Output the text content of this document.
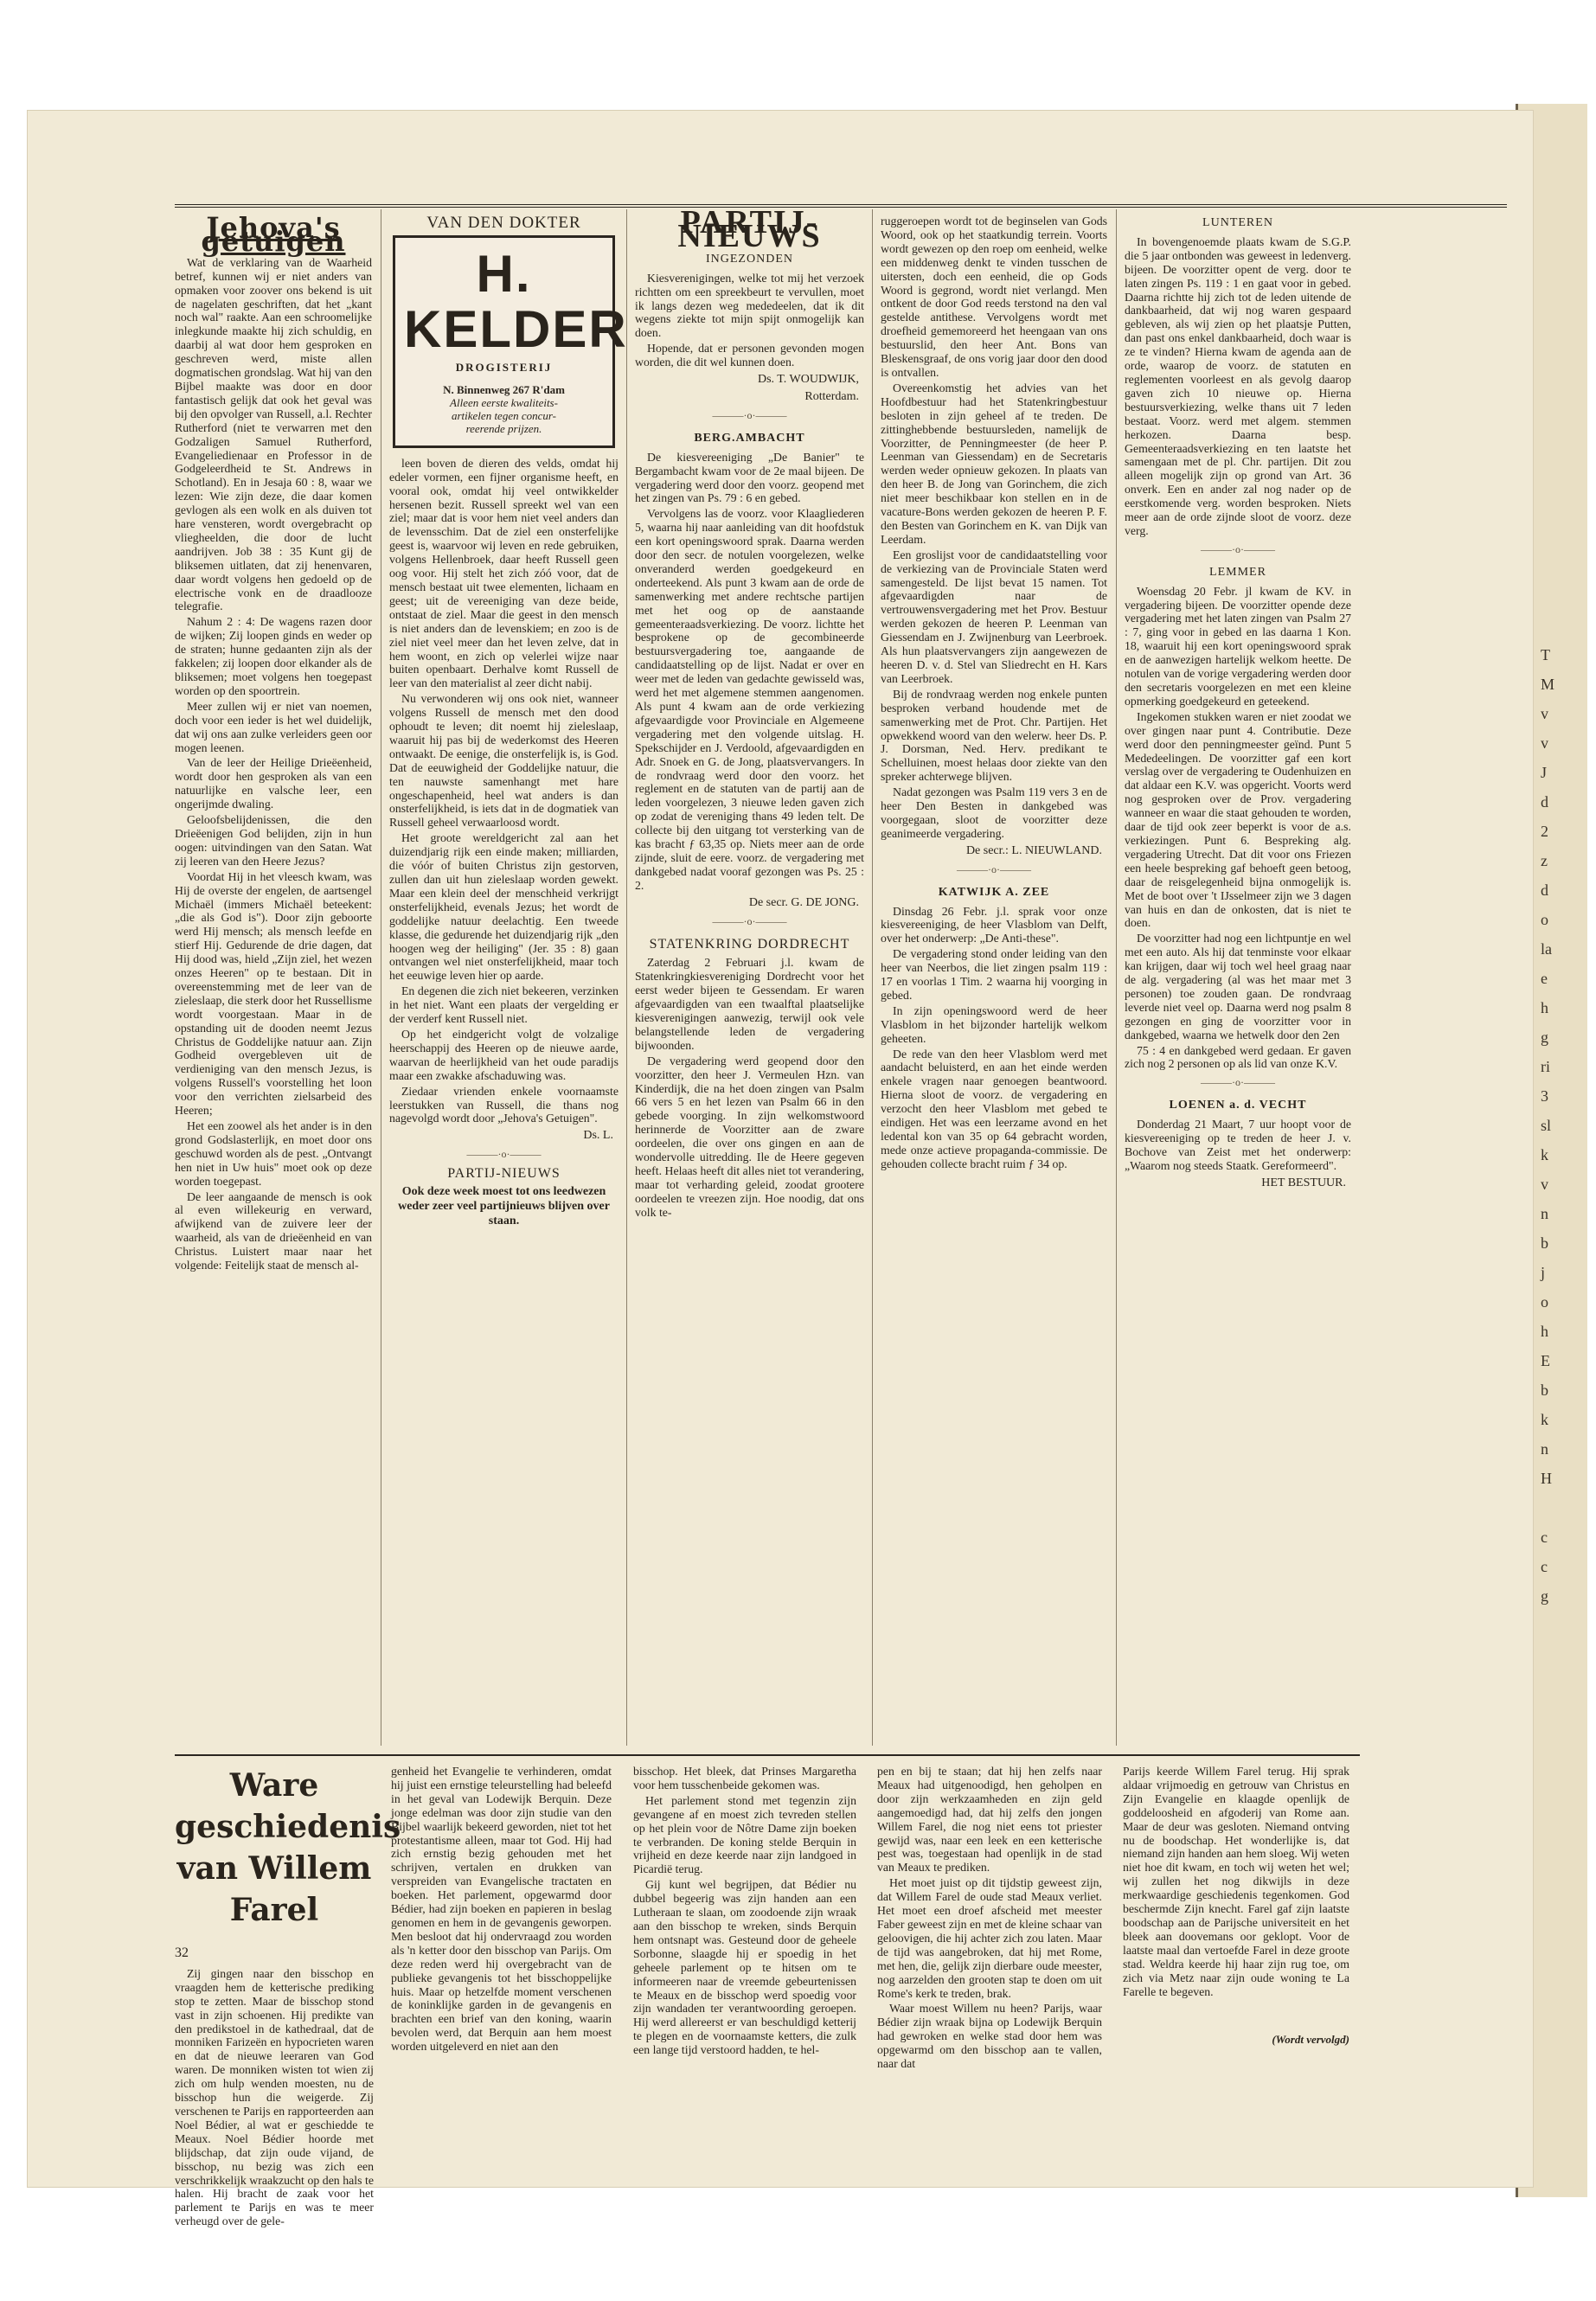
T
M
v
v
J
d
2
z
d
o
la
e
h
g
ri
3
sl
k
v
n
b
j
o
h
E
b
k
n
H

c
c
g
Jehova's getuigen

Wat de verklaring van de Waarheid betref, kunnen wij er niet anders van opmaken voor zoover ons bekend is uit de nagelaten geschriften, dat het „kant noch wal" raakte. Aan een schroomelijke inlegkunde maakte hij zich schuldig, en daarbij al wat door hem gesproken en geschreven werd, miste allen dogmatischen grondslag. Wat hij van den Bijbel maakte was door en door fantastisch gelijk dat ook het geval was bij den opvolger van Russell, a.l. Rechter Rutherford (niet te verwarren met den Godzaligen Samuel Rutherford, Evangeliedienaar en Professor in de Godgeleerdheid te St. Andrews in Schotland). En in Jesaja 60 : 8, waar we lezen: Wie zijn deze, die daar komen gevlogen als een wolk en als duiven tot hare vensteren, wordt overgebracht op vliegheelden, die door de lucht aandrijven. Job 38 : 35 Kunt gij de bliksemen uitlaten, dat zij henenvaren, daar wordt volgens hen gedoeld op de electrische vonk en de draadlooze telegrafie.

Nahum 2 : 4: De wagens razen door de wijken; Zij loopen ginds en weder op de straten; hunne gedaanten zijn als der fakkelen; zij loopen door elkander als de bliksemen; moet volgens hen toegepast worden op den spoortrein.

Meer zullen wij er niet van noemen, doch voor een ieder is het wel duidelijk, dat wij ons aan zulke verleiders geen oor mogen leenen.

Van de leer der Heilige Drieëenheid, wordt door hen gesproken als van een natuurlijke en valsche leer, een ongerijmde dwaling.

Geloofsbelijdenissen, die den Drieëenigen God belijden, zijn in hun oogen: uitvindingen van den Satan. Wat zij leeren van den Heere Jezus?

Voordat Hij in het vleesch kwam, was Hij de overste der engelen, de aartsengel Michaël (immers Michaël beteekent: „die als God is"). Door zijn geboorte werd Hij mensch; als mensch leefde en stierf Hij. Gedurende de drie dagen, dat Hij dood was, hield „Zijn ziel, het wezen onzes Heeren" op te bestaan. Dit in overeenstemming met de leer van de zieleslaap, die sterk door het Russellisme wordt voorgestaan. Maar in de opstanding uit de dooden neemt Jezus Christus de Goddelijke natuur aan. Zijn Godheid overgebleven uit de verdieniging van den mensch Jezus, is volgens Russell's voorstelling het loon voor den verrichten zielsarbeid des Heeren;

Het een zoowel als het ander is in den grond Godslasterlijk, en moet door ons geschuwd worden als de pest. „Ontvangt hen niet in Uw huis" moet ook op deze worden toegepast.

De leer aangaande de mensch is ook al even willekeurig en verward, afwijkend van de zuivere leer der waarheid, als van de drieëenheid en van Christus. Luistert maar naar het volgende: Feitelijk staat de mensch al-

VAN DEN DOKTER
H. KELDER
DROGISTERIJ
N. Binnenweg 267 R'dam
Alleen eerste kwaliteits-
artikelen tegen concur-
reerende prijzen.

leen boven de dieren des velds, omdat hij edeler vormen, een fijner organisme heeft, en vooral ook, omdat hij veel ontwikkelder hersenen bezit. Russell spreekt wel van een ziel; maar dat is voor hem niet veel anders dan de levensschim. Dat de ziel een onsterfelijke geest is, waarvoor wij leven en rede gebruiken, volgens Hellenbroek, daar heeft Russell geen oog voor. Hij stelt het zich zóó voor, dat de mensch bestaat uit twee elementen, lichaam en geest; uit de vereeniging van deze beide, ontstaat de ziel. Maar die geest in den mensch is niet anders dan de levenskiem; en zoo is de ziel niet veel meer dan het leven zelve, dat in hem woont, en zich op velerlei wijze naar buiten openbaart. Derhalve komt Russell de leer van den materialist al zeer dicht nabij.

Nu verwonderen wij ons ook niet, wanneer volgens Russell de mensch met den dood ophoudt te leven; dit noemt hij zieleslaap, waaruit hij pas bij de wederkomst des Heeren ontwaakt. De eenige, die onsterfelijk is, is God. Dat de eeuwigheid der Goddelijke natuur, die ten nauwste samenhangt met hare ongeschapenheid, heel wat anders is dan onsterfelijkheid, is iets dat in de dogmatiek van Russell geheel verwaarloosd wordt.

Het groote wereldgericht zal aan het duizendjarig rijk een einde maken; milliarden, die vóór of buiten Christus zijn gestorven, zullen dan uit hun zieleslaap worden gewekt. Maar een klein deel der menschheid verkrijgt onsterfelijkheid, evenals Jezus; het wordt de goddelijke natuur deelachtig. Een tweede klasse, die gedurende het duizendjarig rijk „den hoogen weg der heiliging" (Jer. 35 : 8) gaan ontvangen wel niet onsterfelijkheid, maar toch het eeuwige leven hier op aarde.

En degenen die zich niet bekeeren, verzinken in het niet. Want een plaats der vergelding er der verderf kent Russell niet.

Op het eindgericht volgt de volzalige heerschappij des Heeren op de nieuwe aarde, waarvan de heerlijkheid van het oude paradijs maar een zwakke afschaduwing was.

Ziedaar vrienden enkele voornaamste leerstukken van Russell, die thans nog nagevolgd wordt door „Jehova's Getuigen".

Ds. L.
———·o·———
PARTIJ-NIEUWS
Ook deze week moest tot ons leedwezen weder zeer veel partijnieuws blijven over staan.
PARTIJ-NIEUWS
INGEZONDEN

Kiesverenigingen, welke tot mij het verzoek richtten om een spreekbeurt te vervullen, moet ik langs dezen weg mededeelen, dat ik dit wegens ziekte tot mijn spijt onmogelijk kan doen.

Hopende, dat er personen gevonden mogen worden, die dit wel kunnen doen.

Ds. T. WOUDWIJK,
Rotterdam.
———·o·———
BERG.AMBACHT

De kiesvereeniging „De Banier" te Bergambacht kwam voor de 2e maal bijeen. De vergadering werd door den voorz. geopend met het zingen van Ps. 79 : 6 en gebed.

Vervolgens las de voorz. voor Klaagliederen 5, waarna hij naar aanleiding van dit hoofdstuk een kort openingswoord sprak. Daarna werden door den secr. de notulen voorgelezen, welke onveranderd werden goedgekeurd en onderteekend. Als punt 3 kwam aan de orde de samenwerking met andere rechtsche partijen met het oog op de aanstaande gemeenteraadsverkiezing. De voorz. lichtte het besprokene op de gecombineerde bestuursvergadering toe, aangaande de candidaatstelling op de lijst. Nadat er over en weer met de leden van gedachte gewisseld was, werd het met algemene stemmen aangenomen. Als punt 4 kwam aan de orde verkiezing afgevaardigde voor Provinciale en Algemeene vergadering met den volgende uitslag. H. Spekschijder en J. Verdoold, afgevaardigden en Adr. Snoek en G. de Jong, plaatsvervangers. In de rondvraag werd door den voorz. het reglement en de statuten van de partij aan de leden voorgelezen, 3 nieuwe leden gaven zich op zodat de vereniging thans 49 leden telt. De collecte bij den uitgang tot versterking van de kas bracht ƒ 63,35 op. Niets meer aan de orde zijnde, sluit de eere. voorz. de vergadering met dankgebed nadat vooraf gezongen was Ps. 25 : 2.

De secr. G. DE JONG.
———·o·———
STATENKRING DORDRECHT

Zaterdag 2 Februari j.l. kwam de Statenkringkiesvereniging Dordrecht voor het eerst weder bijeen te Gessendam. Er waren afgevaardigden van een twaalftal plaatselijke kiesverenigingen aanwezig, terwijl ook vele belangstellende leden de vergadering bijwoonden.

De vergadering werd geopend door den voorzitter, den heer J. Vermeulen Hzn. van Kinderdijk, die na het doen zingen van Psalm 66 vers 5 en het lezen van Psalm 66 in den gebede voorging. In zijn welkomstwoord herinnerde de Voorzitter aan de zware oordeelen, die over ons gingen en aan de wondervolle uitredding. Ile de Heere gegeven heeft. Helaas heeft dit alles niet tot verandering, maar tot verharding geleid, zoodat grootere oordeelen te vreezen zijn. Hoe noodig, dat ons volk te-

ruggeroepen wordt tot de beginselen van Gods Woord, ook op het staatkundig terrein. Voorts wordt gewezen op den roep om eenheid, welke een middenweg denkt te vinden tusschen de uitersten, doch een eenheid, die op Gods Woord is gegrond, wordt niet verlangd. Men ontkent de door God reeds terstond na den val gestelde antithese. Vervolgens wordt met droefheid gememoreerd het heengaan van ons bestuurslid, den heer Ant. Bons van Bleskensgraaf, de ons vorig jaar door den dood is ontvallen.

Overeenkomstig het advies van het Hoofdbestuur had het Statenkringbestuur besloten in zijn geheel af te treden. De zittinghebbende bestuursleden, namelijk de Voorzitter, de Penningmeester (de heer P. Leenman van Giessendam) en de Secretaris werden weder opnieuw gekozen. In plaats van den heer B. de Jong van Gorinchem, die zich niet meer beschikbaar kon stellen en in de vacature-Bons werden gekozen de heeren P. F. den Besten van Gorinchem en K. van Dijk van Leerdam.

Een groslijst voor de candidaatstelling voor de verkiezing van de Provinciale Staten werd samengesteld. De lijst bevat 15 namen. Tot afgevaardigden naar de vertrouwensvergadering met het Prov. Bestuur werden gekozen de heeren P. Leenman van Giessendam en J. Zwijnenburg van Leerbroek. Als hun plaatsvervangers zijn aangewezen de heeren D. v. d. Stel van Sliedrecht en H. Kars van Leerbroek.

Bij de rondvraag werden nog enkele punten besproken verband houdende met de samenwerking met de Prot. Chr. Partijen. Het opwekkend woord van den welerw. heer Ds. P. J. Dorsman, Ned. Herv. predikant te Schelluinen, moest helaas door ziekte van den spreker achterwege blijven.

Nadat gezongen was Psalm 119 vers 3 en de heer Den Besten in dankgebed was voorgegaan, sloot de voorzitter deze geanimeerde vergadering.

De secr.: L. NIEUWLAND.
———·o·———
KATWIJK A. ZEE

Dinsdag 26 Febr. j.l. sprak voor onze kiesvereeniging, de heer Vlasblom van Delft, over het onderwerp: „De Anti-these".

De vergadering stond onder leiding van den heer van Neerbos, die liet zingen psalm 119 : 17 en voorlas 1 Tim. 2 waarna hij voorging in gebed.

In zijn openingswoord werd de heer Vlasblom in het bijzonder hartelijk welkom geheeten.

De rede van den heer Vlasblom werd met aandacht beluisterd, en aan het einde werden enkele vragen naar genoegen beantwoord. Hierna sloot de voorz. de vergadering en verzocht den heer Vlasblom met gebed te eindigen. Het was een leerzame avond en het ledental kon van 35 op 64 gebracht worden, mede onze actieve propaganda-commissie. De gehouden collecte bracht ruim ƒ 34 op.

LUNTEREN

In bovengenoemde plaats kwam de S.G.P. die 5 jaar ontbonden was geweest in ledenverg. bijeen. De voorzitter opent de verg. door te laten zingen Ps. 119 : 1 en gaat voor in gebed. Daarna richtte hij zich tot de leden uitende de dankbaarheid, dat wij nog waren gespaard gebleven, als wij zien op het plaatsje Putten, dan past ons enkel dankbaarheid, doch waar is ze te vinden? Hierna kwam de agenda aan de orde, waarop de voorz. de statuten en reglementen voorleest en als gevolg daarop gaven zich 10 nieuwe op. Hierna bestuursverkiezing, welke thans uit 7 leden bestaat. Voorz. werd met algem. stemmen herkozen. Daarna besp. Gemeenteraadsverkiezing en ten laatste het samengaan met de pl. Chr. partijen. Dit zou alleen mogelijk zijn op grond van Art. 36 onverk. Een en ander zal nog nader op de eerstkomende verg. worden besproken. Niets meer aan de orde zijnde sloot de voorz. deze verg.

———·o·———
LEMMER

Woensdag 20 Febr. jl kwam de KV. in vergadering bijeen. De voorzitter opende deze vergadering met het laten zingen van Psalm 27 : 7, ging voor in gebed en las daarna 1 Kon. 18, waaruit hij een kort openingswoord sprak en de aanwezigen hartelijk welkom heette. De notulen van de vorige vergadering werden door den secretaris voorgelezen en met een kleine opmerking goedgekeurd en geteekend.

Ingekomen stukken waren er niet zoodat we over gingen naar punt 4. Contributie. Deze werd door den penningmeester geïnd. Punt 5 Mededeelingen. De voorzitter gaf een kort verslag over de vergadering te Oudenhuizen en dat aldaar een K.V. was opgericht. Voorts werd nog gesproken over de Prov. vergadering wanneer en waar die staat gehouden te worden, daar de tijd ook zeer beperkt is voor de a.s. verkiezingen. Punt 6. Bespreking alg. vergadering Utrecht. Dat dit voor ons Friezen een heele bespreking gaf behoeft geen betoog, daar de reisgelegenheid bijna onmogelijk is. Met de boot over 't IJsselmeer zijn we 3 dagen van huis en dan de onkosten, dat is niet te doen.

De voorzitter had nog een lichtpuntje en wel met een auto. Als hij dat tenminste voor elkaar kan krijgen, daar wij toch wel heel graag naar de alg. vergadering (al was het maar met 3 personen) toe zouden gaan. De rondvraag leverde niet veel op. Daarna werd nog psalm 8 gezongen en ging de voorzitter voor in dankgebed, waarna we hetwelk door den 2en

75 : 4 en dankgebed werd gedaan. Er gaven zich nog 2 personen op als lid van onze K.V.

———·o·———
LOENEN a. d. VECHT

Donderdag 21 Maart, 7 uur hoopt voor de kiesvereeniging op te treden de heer J. v. Bochove van Zeist met het onderwerp: „Waarom nog steeds Staatk. Gereformeerd".

HET BESTUUR.
Ware geschiedenis
van Willem Farel
32

Zij gingen naar den bisschop en vraagden hem de ketterische prediking stop te zetten. Maar de bisschop stond vast in zijn schoenen. Hij predikte van den predikstoel in de kathedraal, dat de monniken Farizeën en hypocrieten waren en dat de nieuwe leeraren van God waren. De monniken wisten tot wien zij zich om hulp wenden moesten, nu de bisschop hun die weigerde. Zij verschenen te Parijs en rapporteerden aan Noel Bédier, al wat er geschiedde te Meaux. Noel Bédier hoorde met blijdschap, dat zijn oude vijand, de bisschop, nu bezig was zich een verschrikkelijk wraakzucht op den hals te halen. Hij bracht de zaak voor het parlement te Parijs en was te meer verheugd over de gele-

genheid het Evangelie te verhinderen, omdat hij juist een ernstige teleurstelling had beleefd in het geval van Lodewijk Berquin. Deze jonge edelman was door zijn studie van den Bijbel waarlijk bekeerd geworden, niet tot het protestantisme alleen, maar tot God. Hij had zich ernstig bezig gehouden met het schrijven, vertalen en drukken van verspreiden van Evangelische tractaten en boeken. Het parlement, opgewarmd door Bédier, had zijn boeken en papieren in beslag genomen en hem in de gevangenis geworpen. Men besloot dat hij ondervraagd zou worden als 'n ketter door den bisschop van Parijs. Om deze reden werd hij overgebracht van de publieke gevangenis tot het bisschoppelijke huis. Maar op hetzelfde moment verschenen de koninklijke garden in de gevangenis en brachten een brief van den koning, waarin bevolen werd, dat Berquin aan hem moest worden uitgeleverd en niet aan den

bisschop. Het bleek, dat Prinses Margaretha voor hem tusschenbeide gekomen was.

Het parlement stond met tegenzin zijn gevangene af en moest zich tevreden stellen op het plein voor de Nôtre Dame zijn boeken te verbranden. De koning stelde Berquin in vrijheid en deze keerde naar zijn landgoed in Picardië terug.

Gij kunt wel begrijpen, dat Bédier nu dubbel begeerig was zijn handen aan een Lutheraan te slaan, om zoodoende zijn wraak aan den bisschop te wreken, sinds Berquin hem ontsnapt was. Gesteund door de geheele Sorbonne, slaagde hij er spoedig in het geheele parlement op te hitsen om te informeeren naar de vreemde gebeurtenissen te Meaux en de bisschop werd spoedig voor zijn wandaden ter verantwoording geroepen. Hij werd allereerst er van beschuldigd ketterij te plegen en de voornaamste ketters, die zulk een lange tijd verstoord hadden, te hel-

pen en bij te staan; dat hij hen zelfs naar Meaux had uitgenoodigd, hen geholpen en door zijn werkzaamheden en zijn geld aangemoedigd had, dat hij zelfs den jongen Willem Farel, die nog niet eens tot priester gewijd was, naar een leek en een ketterische pest was, toegestaan had openlijk in de stad van Meaux te prediken.

Het moet juist op dit tijdstip geweest zijn, dat Willem Farel de oude stad Meaux verliet. Het moet een droef afscheid met meester Faber geweest zijn en met de kleine schaar van geloovigen, die hij achter zich zou laten. Maar de tijd was aangebroken, dat hij met Rome, met hen, die, gelijk zijn dierbare oude meester, nog aarzelden den grooten stap te doen om uit Rome's kerk te treden, brak.

Waar moest Willem nu heen? Parijs, waar Bédier zijn wraak bijna op Lodewijk Berquin had gewroken en welke stad door hem was opgewarmd om den bisschop aan te vallen, naar dat

Parijs keerde Willem Farel terug. Hij sprak aldaar vrijmoedig en getrouw van Christus en Zijn Evangelie en klaagde openlijk de goddeloosheid en afgoderij van Rome aan. Maar de deur was gesloten. Niemand ontving nu de boodschap. Het wonderlijke is, dat niemand zijn handen aan hem sloeg. Wij weten niet hoe dit kwam, en toch wij weten het wel; wij zullen het nog dikwijls in deze merkwaardige geschiedenis tegenkomen. God beschermde Zijn knecht. Farel gaf zijn laatste boodschap aan de Parijsche universiteit en het bleek aan doovemans oor geklopt. Voor de laatste maal dan vertoefde Farel in deze groote stad. Weldra keerde hij haar zijn rug toe, om zich via Metz naar zijn oude woning te La Farelle te begeven.

(Wordt vervolgd)
